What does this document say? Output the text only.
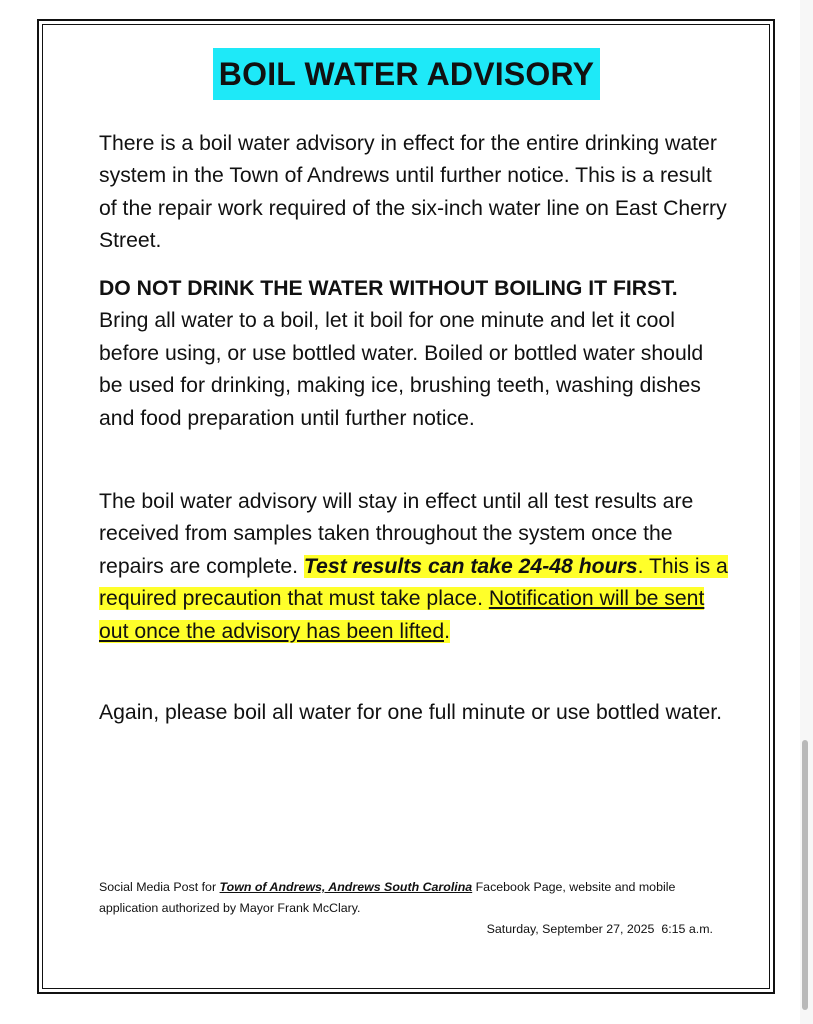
BOIL WATER ADVISORY

There is a boil water advisory in effect for the entire drinking water system in the Town of Andrews until further notice. This is a result of the repair work required of the six-inch water line on East Cherry Street.

DO NOT DRINK THE WATER WITHOUT BOILING IT FIRST.
Bring all water to a boil, let it boil for one minute and let it cool before using, or use bottled water. Boiled or bottled water should be used for drinking, making ice, brushing teeth, washing dishes and food preparation until further notice.

The boil water advisory will stay in effect until all test results are received from samples taken throughout the system once the repairs are complete. Test results can take 24-48 hours. This is a required precaution that must take place. Notification will be sent out once the advisory has been lifted.

Again, please boil all water for one full minute or use bottled water.

Social Media Post for Town of Andrews, Andrews South Carolina Facebook Page, website and mobile application authorized by Mayor Frank McClary.

Saturday, September 27, 2025  6:15 a.m.
